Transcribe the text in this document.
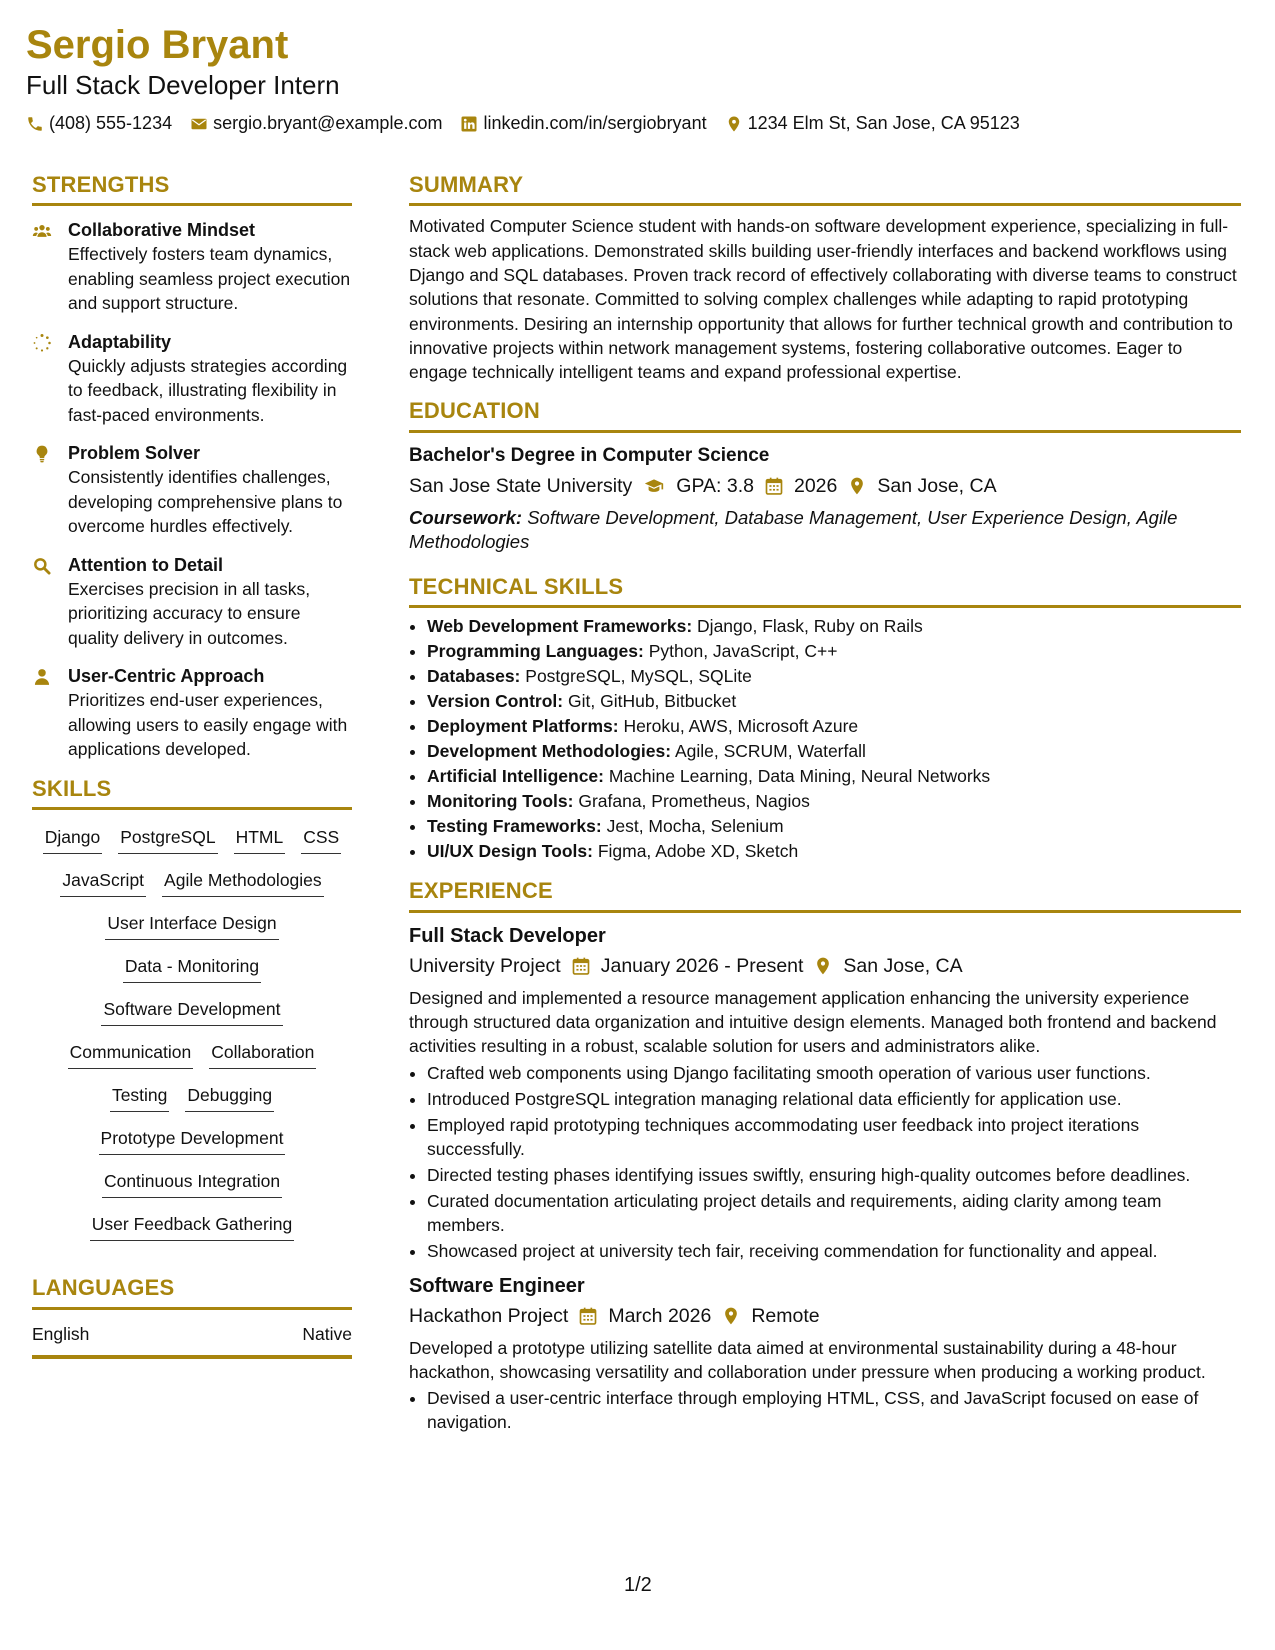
Sergio Bryant
Full Stack Developer Intern
(408) 555-1234 sergio.bryant@example.com linkedin.com/in/sergiobryant 1234 Elm St, San Jose, CA 95123
STRENGTHS
Collaborative Mindset
Effectively fosters team dynamics, enabling seamless project execution and support structure.
Adaptability
Quickly adjusts strategies according to feedback, illustrating flexibility in fast-paced environments.
Problem Solver
Consistently identifies challenges, developing comprehensive plans to overcome hurdles effectively.
Attention to Detail
Exercises precision in all tasks, prioritizing accuracy to ensure quality delivery in outcomes.
User-Centric Approach
Prioritizes end-user experiences, allowing users to easily engage with applications developed.
SKILLS
Django PostgreSQL HTML CSS
JavaScript Agile Methodologies
User Interface Design
Data - Monitoring
Software Development
Communication Collaboration
Testing Debugging
Prototype Development
Continuous Integration
User Feedback Gathering
LANGUAGES
English	Native
SUMMARY

Motivated Computer Science student with hands-on software development experience, specializing in full-stack web applications. Demonstrated skills building user-friendly interfaces and backend workflows using Django and SQL databases. Proven track record of effectively collaborating with diverse teams to construct solutions that resonate. Committed to solving complex challenges while adapting to rapid prototyping environments. Desiring an internship opportunity that allows for further technical growth and contribution to innovative projects within network management systems, fostering collaborative outcomes. Eager to engage technically intelligent teams and expand professional expertise.

EDUCATION
Bachelor's Degree in Computer Science
San Jose State University GPA: 3.8 2026 San Jose, CA
Coursework: Software Development, Database Management, User Experience Design, Agile Methodologies
TECHNICAL SKILLS
• Web Development Frameworks: Django, Flask, Ruby on Rails
• Programming Languages: Python, JavaScript, C++
• Databases: PostgreSQL, MySQL, SQLite
• Version Control: Git, GitHub, Bitbucket
• Deployment Platforms: Heroku, AWS, Microsoft Azure
• Development Methodologies: Agile, SCRUM, Waterfall
• Artificial Intelligence: Machine Learning, Data Mining, Neural Networks
• Monitoring Tools: Grafana, Prometheus, Nagios
• Testing Frameworks: Jest, Mocha, Selenium
• UI/UX Design Tools: Figma, Adobe XD, Sketch
EXPERIENCE
Full Stack Developer
University Project January 2026 - Present San Jose, CA

Designed and implemented a resource management application enhancing the university experience through structured data organization and intuitive design elements. Managed both frontend and backend activities resulting in a robust, scalable solution for users and administrators alike.

• Crafted web components using Django facilitating smooth operation of various user functions.
• Introduced PostgreSQL integration managing relational data efficiently for application use.
• Employed rapid prototyping techniques accommodating user feedback into project iterations successfully.
• Directed testing phases identifying issues swiftly, ensuring high-quality outcomes before deadlines.
• Curated documentation articulating project details and requirements, aiding clarity among team members.
• Showcased project at university tech fair, receiving commendation for functionality and appeal.
Software Engineer
Hackathon Project March 2026 Remote

Developed a prototype utilizing satellite data aimed at environmental sustainability during a 48-hour hackathon, showcasing versatility and collaboration under pressure when producing a working product.

• Devised a user-centric interface through employing HTML, CSS, and JavaScript focused on ease of navigation.
1/2
